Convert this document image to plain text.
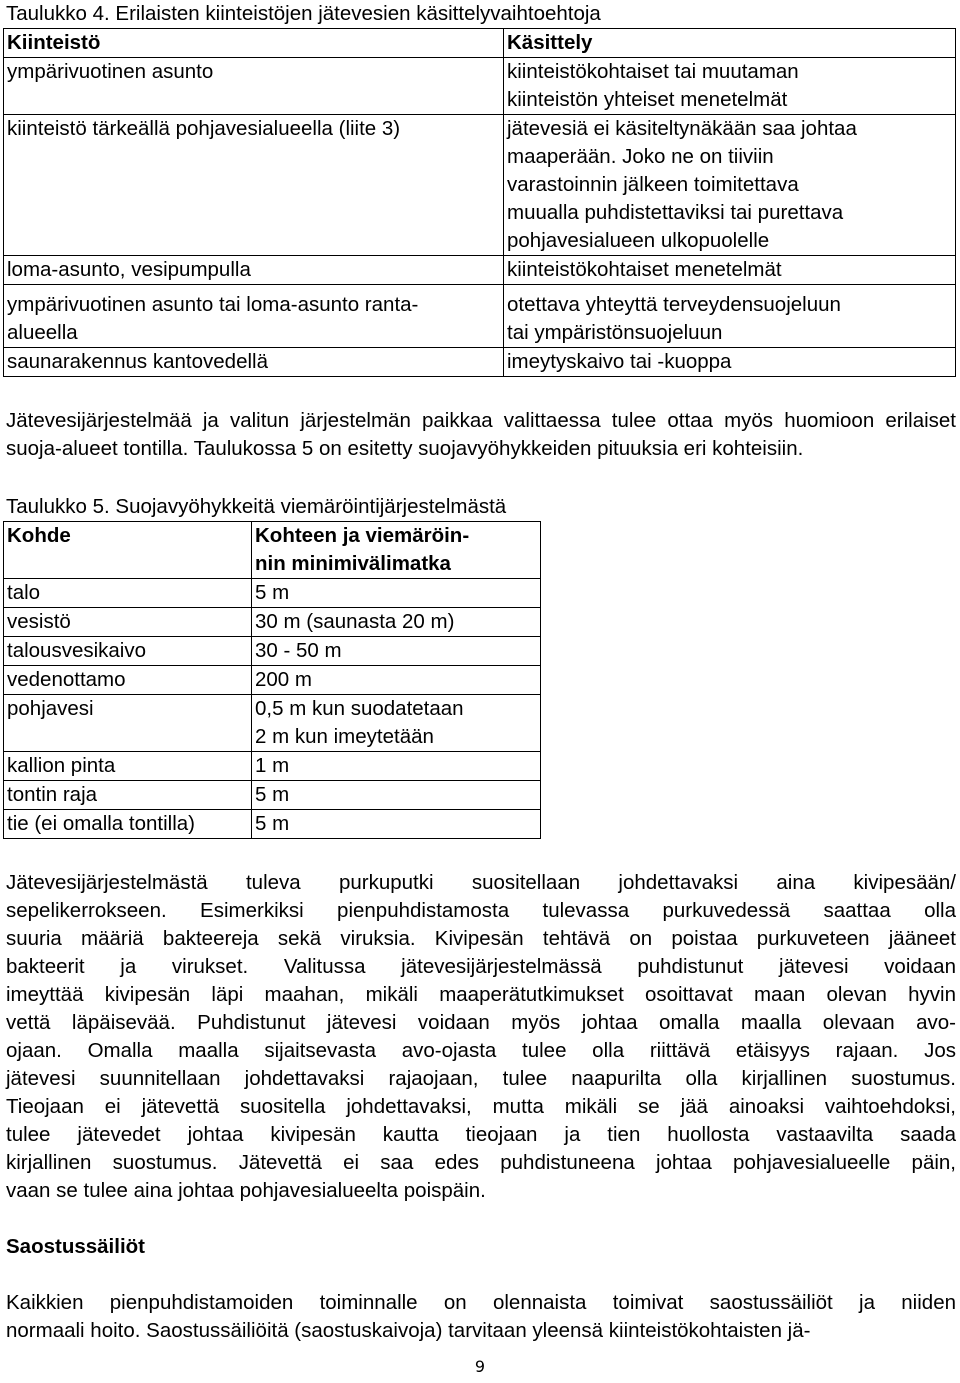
Taulukko 4. Erilaisten kiinteistöjen jätevesien käsittelyvaihtoehtoja
Kiinteistö	Käsittely

ympärivuotinen asunto	kiinteistökohtaiset tai muutaman
kiinteistön yhteiset menetelmät

kiinteistö tärkeällä pohjavesialueella (liite 3)	jätevesiä ei käsiteltynäkään saa johtaa
maaperään. Joko ne on tiiviin
varastoinnin jälkeen toimitettava
muualla puhdistettaviksi tai purettava
pohjavesialueen ulkopuolelle

loma-asunto, vesipumpulla	kiinteistökohtaiset menetelmät

ympärivuotinen asunto tai loma-asunto ranta-
alueella	otettava yhteyttä terveydensuojeluun
tai ympäristönsuojeluun

saunarakennus kantovedellä	imeytyskaivo tai -kuoppa

Jätevesijärjestelmää ja valitun järjestelmän paikkaa valittaessa tulee ottaa myös huomioon erilaiset suoja-alueet tontilla. Taulukossa 5 on esitetty suojavyöhykkeiden pituuksia eri kohteisiin.

Taulukko 5. Suojavyöhykkeitä viemäröintijärjestelmästä
Kohde	Kohteen ja viemäröin-
nin minimivälimatka

talo	5 m

vesistö	30 m (saunasta 20 m)

talousvesikaivo	30 - 50 m

vedenottamo	200 m

pohjavesi	0,5 m kun suodatetaan
2 m kun imeytetään

kallion pinta	1 m

tontin raja	5 m

tie (ei omalla tontilla)	5 m

Jätevesijärjestelmästä tuleva purkuputki suositellaan johdettavaksi aina kivipesään/
sepelikerrokseen. Esimerkiksi pienpuhdistamosta tulevassa purkuvedessä saattaa olla
suuria määriä bakteereja sekä viruksia. Kivipesän tehtävä on poistaa purkuveteen jääneet
bakteerit ja virukset. Valitussa jätevesijärjestelmässä puhdistunut jätevesi voidaan
imeyttää kivipesän läpi maahan, mikäli maaperätutkimukset osoittavat maan olevan hyvin
vettä läpäisevää. Puhdistunut jätevesi voidaan myös johtaa omalla maalla olevaan avo-
ojaan. Omalla maalla sijaitsevasta avo-ojasta tulee olla riittävä etäisyys rajaan. Jos
jätevesi suunnitellaan johdettavaksi rajaojaan, tulee naapurilta olla kirjallinen suostumus.
Tieojaan ei jätevettä suositella johdettavaksi, mutta mikäli se jää ainoaksi vaihtoehdoksi,
tulee jätevedet johtaa kivipesän kautta tieojaan ja tien huollosta vastaavilta saada
kirjallinen suostumus. Jätevettä ei saa edes puhdistuneena johtaa pohjavesialueelle päin,
vaan se tulee aina johtaa pohjavesialueelta poispäin.

Saostussäiliöt

Kaikkien pienpuhdistamoiden toiminnalle on olennaista toimivat saostussäiliöt ja niiden
normaali hoito. Saostussäiliöitä (saostuskaivoja) tarvitaan yleensä kiinteistökohtaisten jä-

9
